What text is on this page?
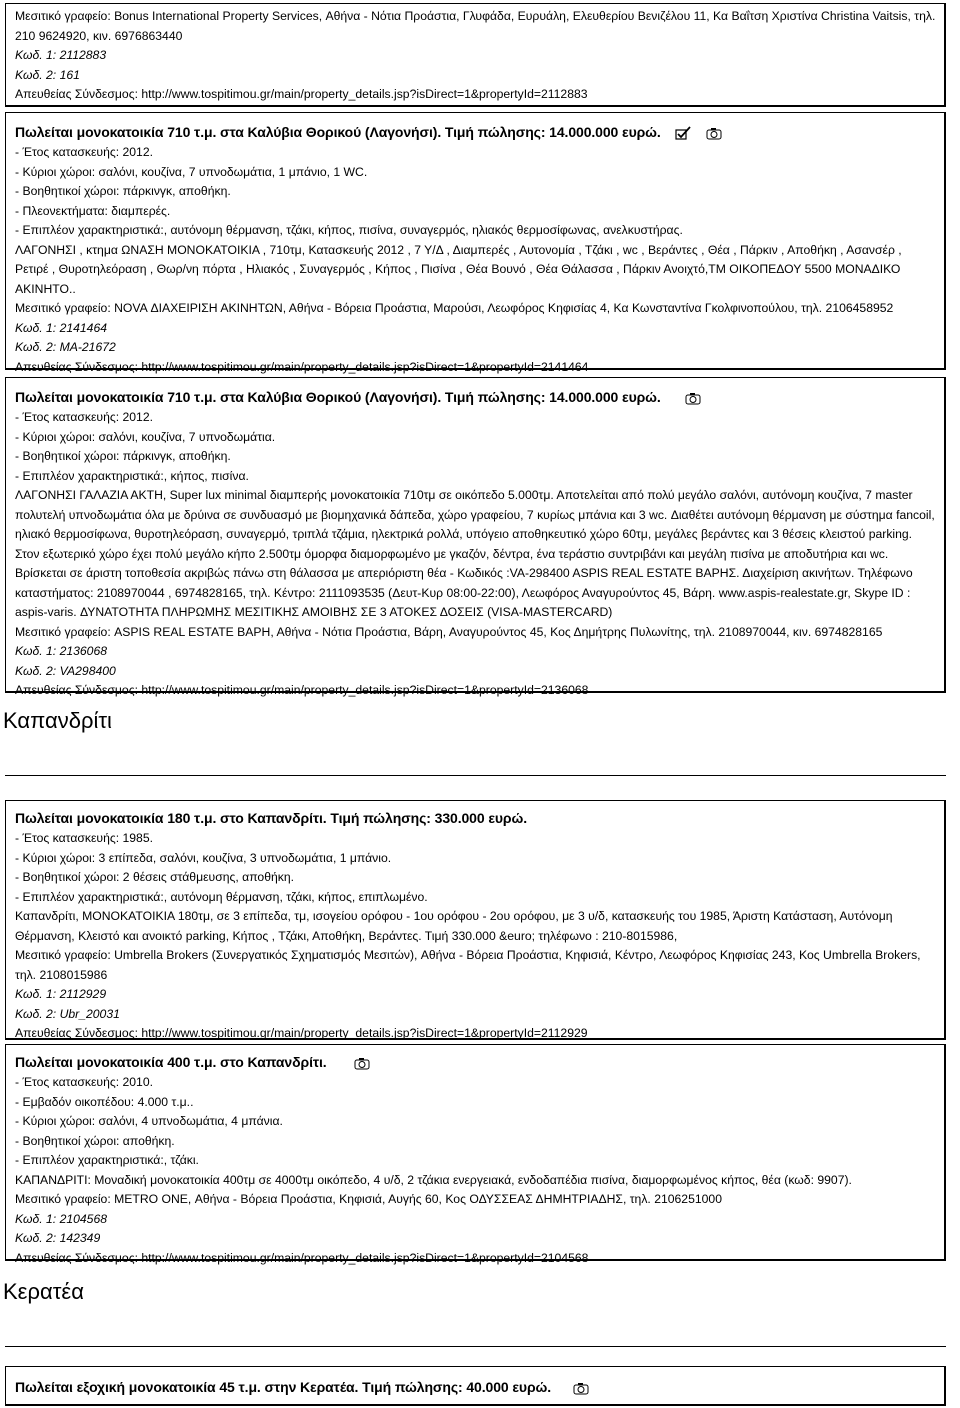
Μεσιτικό γραφείο: Bonus International Property Services, Αθήνα - Νότια Προάστια, Γλυφάδα, Ευρυάλη, Ελευθερίου Βενιζέλου 11, Κα Βαΐτση Χριστίνα Christina Vaitsis, τηλ. 210 9624920, κιν. 6976863440
Κωδ. 1: 2112883
Κωδ. 2: 161
Απευθείας Σύνδεσμος: http://www.tospitimou.gr/main/property_details.jsp?isDirect=1&propertyId=2112883
Πωλείται μονοκατοικία 710 τ.μ. στα Καλύβια Θορικού (Λαγονήσι). Τιμή πώλησης: 14.000.000 ευρώ.

- Έτος κατασκευής: 2012.
- Κύριοι χώροι: σαλόνι, κουζίνα, 7 υπνοδωμάτια, 1 μπάνιο, 1 WC.
- Βοηθητικοί χώροι: πάρκινγκ, αποθήκη.
- Πλεονεκτήματα: διαμπερές.
- Επιπλέον χαρακτηριστικά:, αυτόνομη θέρμανση, τζάκι, κήπος, πισίνα, συναγερμός, ηλιακός θερμοσίφωνας, ανελκυστήρας.
ΛΑΓΟΝΗΣΙ , κτημα ΩΝΑΣΗ ΜΟΝΟΚΑΤΟΙΚΙΑ , 710τμ, Κατασκευής 2012 , 7 Υ/Δ , Διαμπερές , Αυτονομία , Τζάκι , wc , Βεράντες , Θέα , Πάρκιν , Αποθήκη , Ασανσέρ , Ρετιρέ , Θυροτηλεόραση , Θωρ/νη πόρτα , Ηλιακός , Συναγερμός , Κήπος , Πισίνα , Θέα Βουνό , Θέα Θάλασσα , Πάρκιν Ανοιχτό,ΤΜ ΟΙΚΟΠΕΔΟΥ 5500 ΜΟΝΑΔΙΚΟ ΑΚΙΝΗΤΟ..
Μεσιτικό γραφείο: NOVA ΔΙΑΧΕΙΡΙΣΗ ΑΚΙΝΗΤΩΝ, Αθήνα - Βόρεια Προάστια, Μαρούσι, Λεωφόρος Κηφισίας 4, Κα Κωνσταντίνα Γκολφινοπούλου, τηλ. 2106458952
Κωδ. 1: 2141464
Κωδ. 2: MA-21672
Απευθείας Σύνδεσμος: http://www.tospitimou.gr/main/property_details.jsp?isDirect=1&propertyId=2141464
Πωλείται μονοκατοικία 710 τ.μ. στα Καλύβια Θορικού (Λαγονήσι). Τιμή πώλησης: 14.000.000 ευρώ.
- Έτος κατασκευής: 2012.
- Κύριοι χώροι: σαλόνι, κουζίνα, 7 υπνοδωμάτια.
- Βοηθητικοί χώροι: πάρκινγκ, αποθήκη.
- Επιπλέον χαρακτηριστικά:, κήπος, πισίνα.
ΛΑΓΟΝΗΣΙ ΓΑΛΑΖΙΑ ΑΚΤΗ, Super lux minimal διαμπερής μονοκατοικία 710τμ σε οικόπεδο 5.000τμ. Αποτελείται από πολύ μεγάλο σαλόνι, αυτόνομη κουζίνα, 7 master πολυτελή υπνοδωμάτια όλα με δρύινα σε συνδυασμό με βιομηχανικά δάπεδα, χώρο γραφείου, 7 κυρίως μπάνια και 3 wc. Διαθέτει αυτόνομη θέρμανση με σύστημα fancoil, ηλιακό θερμοσίφωνα, θυροτηλεόραση, συναγερμό, τριπλά τζάμια, ηλεκτρικά ρολλά, υπόγειο αποθηκευτικό χώρο 60τμ, μεγάλες βεράντες και 3 θέσεις κλειστού parking. Στον εξωτερικό χώρο έχει πολύ μεγάλο κήπο 2.500τμ όμορφα διαμορφωμένο με γκαζόν, δέντρα, ένα τεράστιο συντριβάνι και μεγάλη πισίνα με αποδυτήρια και wc. Βρίσκεται σε άριστη τοποθεσία ακριβώς πάνω στη θάλασσα με απεριόριστη θέα - Κωδικός :VA-298400 ASPIS REAL ESTATE ΒΑΡΗΣ. Διαχείριση ακινήτων. Τηλέφωνο καταστήματος: 2108970044 , 6974828165, τηλ. Κέντρο: 2111093535 (Δευτ-Κυρ 08:00-22:00), Λεωφόρος Αναγυρούντος 45, Βάρη. www.aspis-realestate.gr, Skype ID : aspis-varis. ΔΥΝΑΤΟΤΗΤΑ ΠΛΗΡΩΜΗΣ ΜΕΣΙΤΙΚΗΣ ΑΜΟΙΒΗΣ ΣΕ 3 ΑΤΟΚΕΣ ΔΟΣΕΙΣ (VISA-MASTERCARD)
Μεσιτικό γραφείο: ASPIS REAL ESTATE ΒΑΡΗ, Αθήνα - Νότια Προάστια, Βάρη, Αναγυρούντος 45, Κος Δημήτρης Πυλωνίτης, τηλ. 2108970044, κιν. 6974828165
Κωδ. 1: 2136068
Κωδ. 2: VA298400
Απευθείας Σύνδεσμος: http://www.tospitimou.gr/main/property_details.jsp?isDirect=1&propertyId=2136068
Καπανδρίτι
Πωλείται μονοκατοικία 180 τ.μ. στο Καπανδρίτι. Τιμή πώλησης: 330.000 ευρώ.
- Έτος κατασκευής: 1985.
- Κύριοι χώροι: 3 επίπεδα, σαλόνι, κουζίνα, 3 υπνοδωμάτια, 1 μπάνιο.
- Βοηθητικοί χώροι: 2 θέσεις στάθμευσης, αποθήκη.
- Επιπλέον χαρακτηριστικά:, αυτόνομη θέρμανση, τζάκι, κήπος, επιπλωμένο.
Καπανδρίτι, ΜΟΝΟΚΑΤΟΙΚΙΑ 180τμ, σε 3 επίπεδα, τμ, ισογείου ορόφου - 1ου ορόφου - 2ου ορόφου, με 3 υ/δ, κατασκευής του 1985, Άριστη Κατάσταση, Αυτόνομη Θέρμανση, Κλειστό και ανοικτό parking, Κήπος , Τζάκι, Αποθήκη, Βεράντες. Τιμή 330.000 &euro; τηλέφωνο : 210-8015986,
Μεσιτικό γραφείο: Umbrella Brokers (Συνεργατικός Σχηματισμός Μεσιτών), Αθήνα - Βόρεια Προάστια, Κηφισιά, Κέντρο, Λεωφόρος Κηφισίας 243, Κος Umbrella Brokers, τηλ. 2108015986
Κωδ. 1: 2112929
Κωδ. 2: Ubr_20031
Απευθείας Σύνδεσμος: http://www.tospitimou.gr/main/property_details.jsp?isDirect=1&propertyId=2112929
Πωλείται μονοκατοικία 400 τ.μ. στο Καπανδρίτι.
- Έτος κατασκευής: 2010.
- Εμβαδόν οικοπέδου: 4.000 τ.μ..
- Κύριοι χώροι: σαλόνι, 4 υπνοδωμάτια, 4 μπάνια.
- Βοηθητικοί χώροι: αποθήκη.
- Επιπλέον χαρακτηριστικά:, τζάκι.
ΚΑΠΑΝΔΡΙΤΙ: Μοναδική μονοκατοικία 400τμ σε 4000τμ οικόπεδο, 4 υ/δ, 2 τζάκια ενεργειακά, ενδοδαπέδια πισίνα, διαμορφωμένος κήπος, θέα (κωδ: 9907).
Μεσιτικό γραφείο: METRO ONE, Αθήνα - Βόρεια Προάστια, Κηφισιά, Αυγής 60, Κος ΟΔΥΣΣΕΑΣ ΔΗΜΗΤΡΙΑΔΗΣ, τηλ. 2106251000
Κωδ. 1: 2104568
Κωδ. 2: 142349
Απευθείας Σύνδεσμος: http://www.tospitimou.gr/main/property_details.jsp?isDirect=1&propertyId=2104568
Κερατέα
Πωλείται εξοχική μονοκατοικία 45 τ.μ. στην Κερατέα. Τιμή πώλησης: 40.000 ευρώ.
